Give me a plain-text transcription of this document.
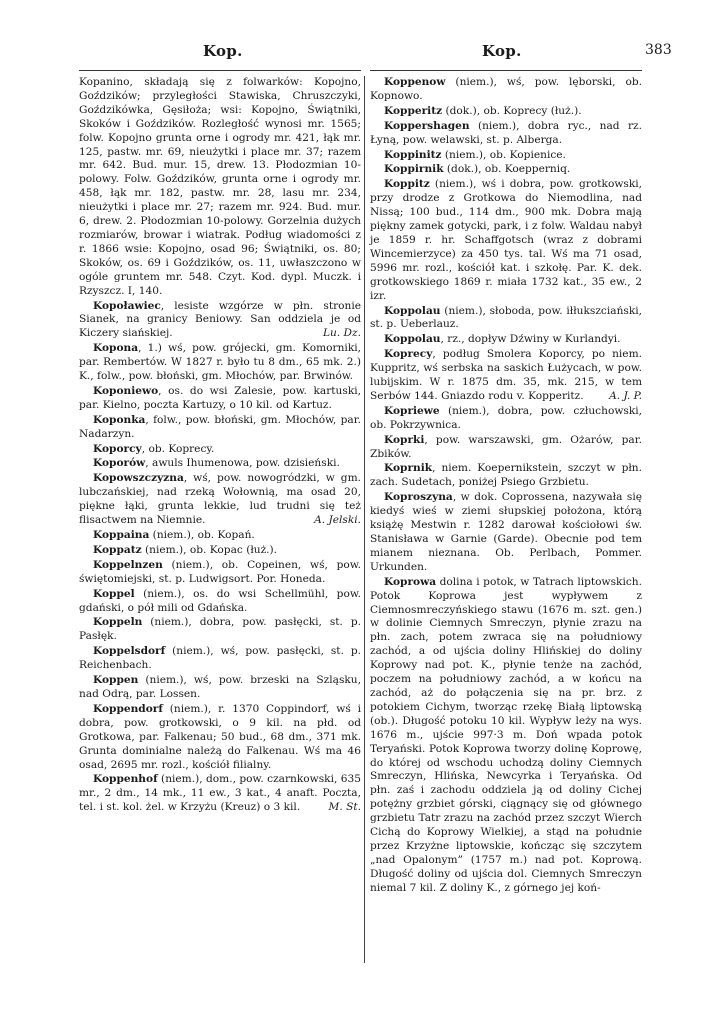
Kop.	Kop.	383

Kopanino, składają się z folwarków: Kopojno, Goździków; przyległości Stawiska, Chruszczyki, Goździkówka, Gęsiłoża; wsi: Kopojno, Świątniki, Skoków i Goździków. Rozległość wynosi mr. 1565; folw. Kopojno grunta orne i ogrody mr. 421, łąk mr. 125, pastw. mr. 69, nieużytki i place mr. 37; razem mr. 642. Bud. mur. 15, drew. 13. Płodozmian 10-polowy. Folw. Goździków, grunta orne i ogrody mr. 458, łąk mr. 182, pastw. mr. 28, lasu mr. 234, nieużytki i place mr. 27; razem mr. 924. Bud. mur. 6, drew. 2. Płodozmian 10-polowy. Gorzelnia dużych rozmiarów, browar i wiatrak. Podług wiadomości z r. 1866 wsie: Kopojno, osad 96; Świątniki, os. 80; Skoków, os. 69 i Goździków, os. 11, uwłaszczono w ogóle gruntem mr. 548. Czyt. Kod. dypl. Muczk. i Rzyszcz. I, 140.

Kopoławiec, lesiste wzgórze w płn. stronie Sianek, na granicy Beniowy. San oddziela je od Kiczery siańskiej.	Lu. Dz.

Kopona, 1.) wś, pow. grójecki, gm. Komorniki, par. Rembertów. W 1827 r. było tu 8 dm., 65 mk. 2.) K., folw., pow. błoński, gm. Młochów, par. Brwinów.

Koponiewo, os. do wsi Zalesie, pow. kartuski, par. Kielno, poczta Kartuzy, o 10 kil. od Kartuz.

Koponka, folw., pow. błoński, gm. Młochów, par. Nadarzyn.

Koporcy, ob. Koprecy.

Koporów, awuls Ihumenowa, pow. dzisieński.

Kopowszczyzna, wś, pow. nowogródzki, w gm. lubczańskiej, nad rzeką Wołownią, ma osad 20, piękne łąki, grunta lekkie, lud trudni się też flisactwem na Niemnie.	A. Jelski.

Koppaina (niem.), ob. Kopań.

Koppatz (niem.), ob. Kopac (łuż.).

Koppelnzen (niem.), ob. Copeinen, wś, pow. świętomiejski, st. p. Ludwigsort. Por. Honeda.

Koppel (niem.), os. do wsi Schellmühl, pow. gdański, o pół mili od Gdańska.

Koppeln (niem.), dobra, pow. pasłęcki, st. p. Pasłęk.

Koppelsdorf (niem.), wś, pow. pasłęcki, st. p. Reichenbach.

Koppen (niem.), wś, pow. brzeski na Szląsku, nad Odrą, par. Lossen.

Koppendorf (niem.), r. 1370 Coppindorf, wś i dobra, pow. grotkowski, o 9 kil. na płd. od Grotkowa, par. Falkenau; 50 bud., 68 dm., 371 mk. Grunta dominialne należą do Falkenau. Wś ma 46 osad, 2695 mr. rozl., kościół filialny.

Koppenhof (niem.), dom., pow. czarnkowski, 635 mr., 2 dm., 14 mk., 11 ew., 3 kat., 4 anaft. Poczta, tel. i st. kol. żel. w Krzyżu (Kreuz) o 3 kil.	M. St.

Koppenow (niem.), wś, pow. lęborski, ob. Kopnowo.

Kopperitz (dok.), ob. Koprecy (łuż.).

Koppershagen (niem.), dobra ryc., nad rz. Łyną, pow. welawski, st. p. Alberga.

Koppinitz (niem.), ob. Kopienice.

Koppirnik (dok.), ob. Koepperniq.

Koppitz (niem.), wś i dobra, pow. grotkowski, przy drodze z Grotkowa do Niemodlina, nad Nissą; 100 bud., 114 dm., 900 mk. Dobra mają piękny zamek gotycki, park, i z folw. Waldau nabył je 1859 r. hr. Schaffgotsch (wraz z dobrami Wincemierzyce) za 450 tys. tal. Wś ma 71 osad, 5996 mr. rozl., kościół kat. i szkołę. Par. K. dek. grotkowskiego 1869 r. miała 1732 kat., 35 ew., 2 izr.

Koppolau (niem.), słoboda, pow. iłłukszciański, st. p. Ueberlauz.

Koppolau, rz., dopływ Dźwiny w Kurlandyi.

Koprecy, podług Smolera Koporcy, po niem. Kuppritz, wś serbska na saskich Łużycach, w pow. lubijskim. W r. 1875 dm. 35, mk. 215, w tem Serbów 144. Gniazdo rodu v. Kopperitz.	A. J. P.

Kopriewe (niem.), dobra, pow. człuchowski, ob. Pokrzywnica.

Koprki, pow. warszawski, gm. Ożarów, par. Zbików.

Koprnik, niem. Koepernikstein, szczyt w płn. zach. Sudetach, poniżej Psiego Grzbietu.

Koproszyna, w dok. Coprossena, nazywała się kiedyś wieś w ziemi słupskiej położona, którą książę Mestwin r. 1282 darował kościołowi św. Stanisława w Garnie (Garde). Obecnie pod tem mianem nieznana. Ob. Perlbach, Pommer. Urkunden.

Koprowa dolina i potok, w Tatrach liptowskich. Potok Koprowa jest wypływem z Ciemnosmreczyńskiego stawu (1676 m. szt. gen.) w dolinie Ciemnych Smreczyn, płynie zrazu na płn. zach, potem zwraca się na południowy zachód, a od ujścia doliny Hlińskiej do doliny Koprowy nad pot. K., płynie tenże na zachód, poczem na południowy zachód, a w końcu na zachód, aż do połączenia się na pr. brz. z potokiem Cichym, tworząc rzekę Białą liptowską (ob.). Długość potoku 10 kil. Wypływ leży na wys. 1676 m., ujście 997·3 m. Doń wpada potok Teryański. Potok Koprowa tworzy dolinę Koprowę, do której od wschodu uchodzą doliny Ciemnych Smreczyn, Hlińska, Newcyrka i Teryańska. Od płn. zaś i zachodu oddziela ją od doliny Cichej potężny grzbiet górski, ciągnący się od głównego grzbietu Tatr zrazu na zachód przez szczyt Wierch Cichą do Koprowy Wielkiej, a stąd na południe przez Krzyżne liptowskie, kończąc się szczytem „nad Opalonym” (1757 m.) nad pot. Koprową. Długość doliny od ujścia dol. Ciemnych Smreczyn niemal 7 kil. Z doliny K., z górnego jej koń-
